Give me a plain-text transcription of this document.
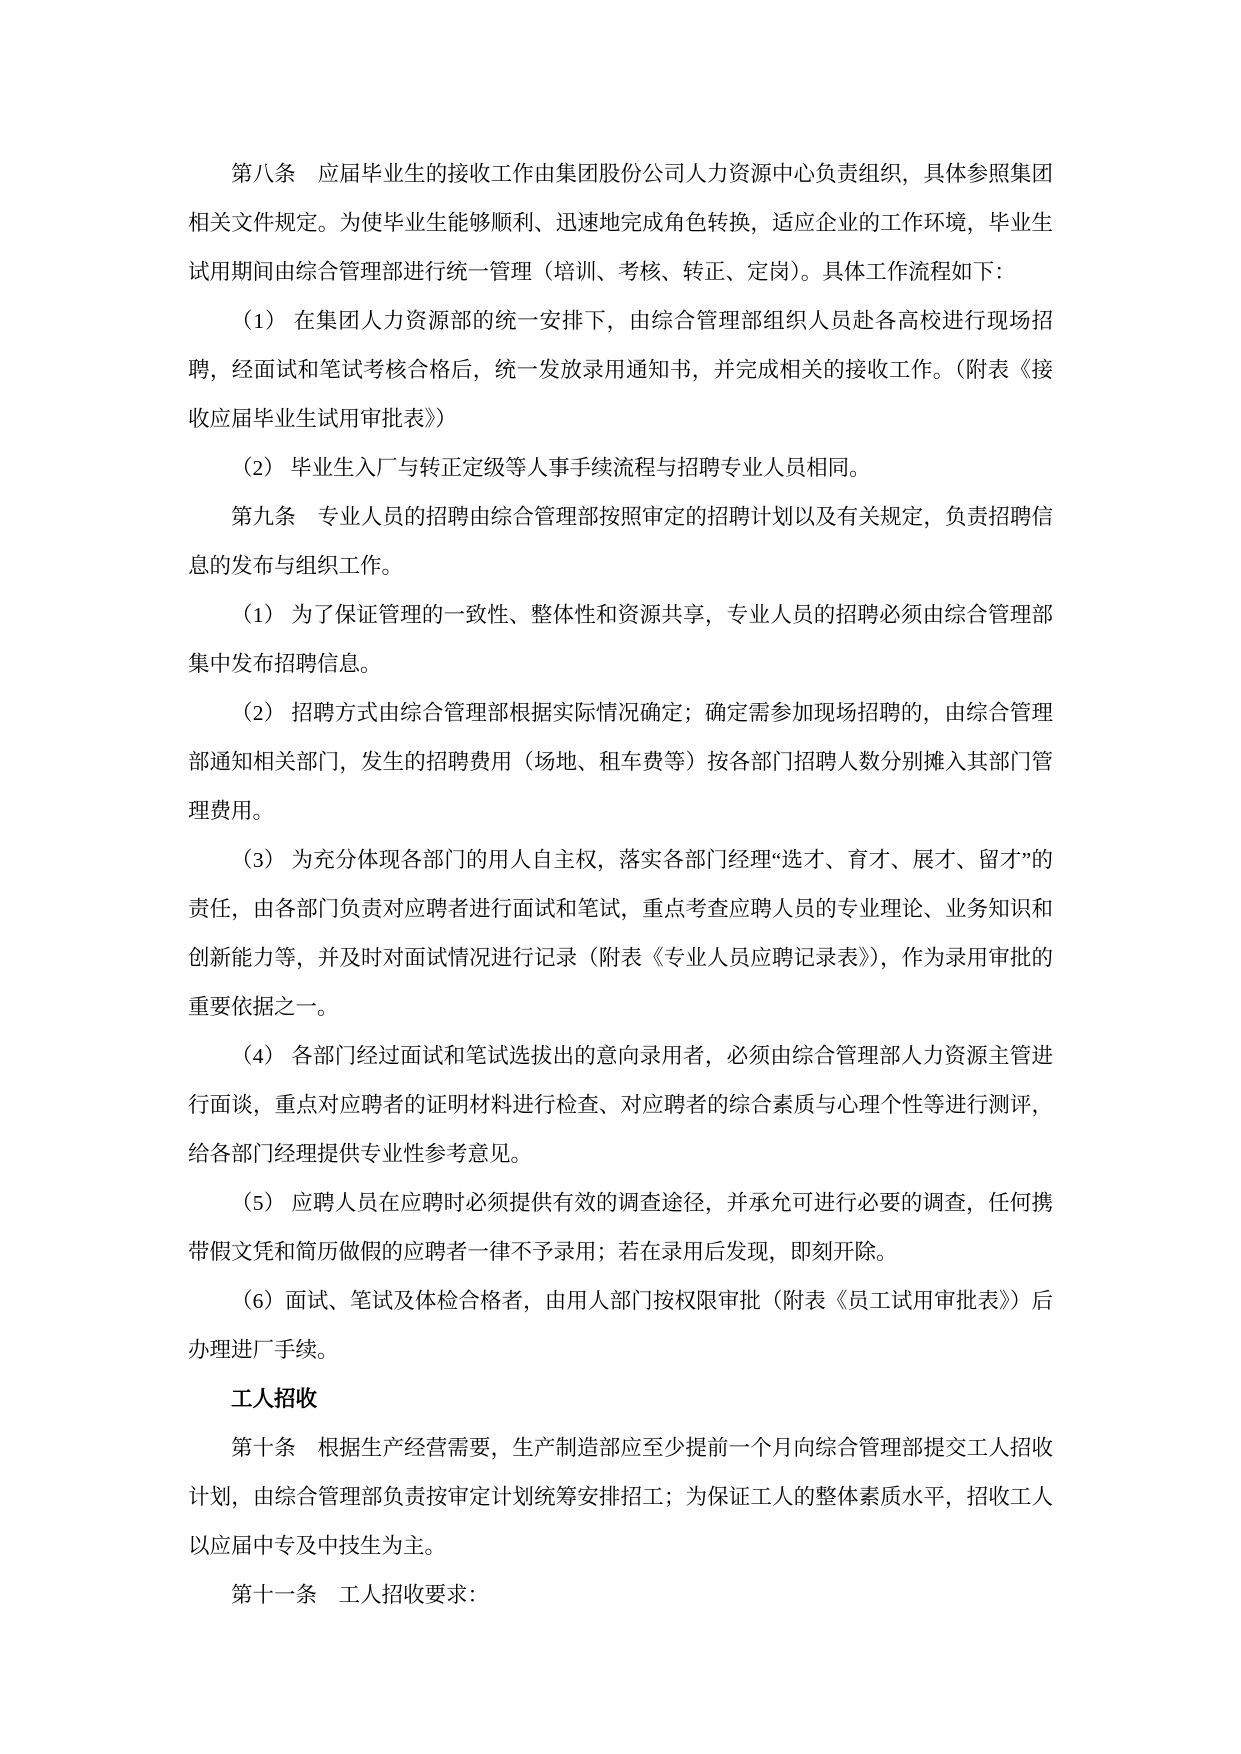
第八条　应届毕业生的接收工作由集团股份公司人力资源中心负责组织，具体参照集团相关文件规定。为使毕业生能够顺利、迅速地完成角色转换，适应企业的工作环境，毕业生试用期间由综合管理部进行统一管理（培训、考核、转正、定岗）。具体工作流程如下：

（1） 在集团人力资源部的统一安排下，由综合管理部组织人员赴各高校进行现场招聘，经面试和笔试考核合格后，统一发放录用通知书，并完成相关的接收工作。（附表《接收应届毕业生试用审批表》）

（2） 毕业生入厂与转正定级等人事手续流程与招聘专业人员相同。

第九条　专业人员的招聘由综合管理部按照审定的招聘计划以及有关规定，负责招聘信息的发布与组织工作。

（1） 为了保证管理的一致性、整体性和资源共享，专业人员的招聘必须由综合管理部集中发布招聘信息。

（2） 招聘方式由综合管理部根据实际情况确定；确定需参加现场招聘的，由综合管理部通知相关部门，发生的招聘费用（场地、租车费等）按各部门招聘人数分别摊入其部门管理费用。

（3） 为充分体现各部门的用人自主权，落实各部门经理“选才、育才、展才、留才”的责任，由各部门负责对应聘者进行面试和笔试，重点考查应聘人员的专业理论、业务知识和创新能力等，并及时对面试情况进行记录（附表《专业人员应聘记录表》），作为录用审批的重要依据之一。

（4） 各部门经过面试和笔试选拔出的意向录用者，必须由综合管理部人力资源主管进行面谈，重点对应聘者的证明材料进行检查、对应聘者的综合素质与心理个性等进行测评，给各部门经理提供专业性参考意见。

（5） 应聘人员在应聘时必须提供有效的调查途径，并承允可进行必要的调查，任何携带假文凭和简历做假的应聘者一律不予录用；若在录用后发现，即刻开除。

（6）面试、笔试及体检合格者，由用人部门按权限审批（附表《员工试用审批表》）后办理进厂手续。

工人招收

第十条　根据生产经营需要，生产制造部应至少提前一个月向综合管理部提交工人招收计划，由综合管理部负责按审定计划统筹安排招工；为保证工人的整体素质水平，招收工人以应届中专及中技生为主。

第十一条　工人招收要求：
